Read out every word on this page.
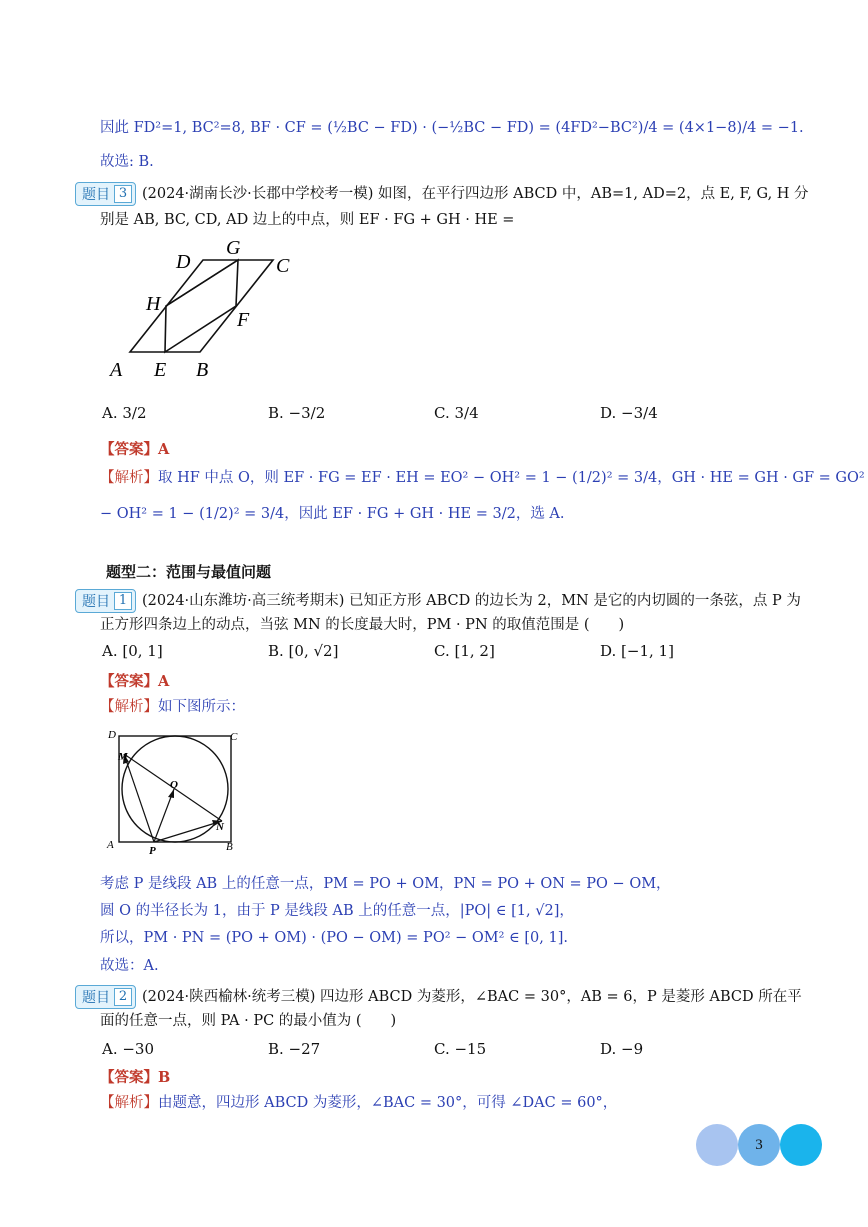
因此 FD²=1, BC²=8, BF · CF = (½BC − FD) · (−½BC − FD) = (4FD²−BC²)/4 = (4×1−8)/4 = −1.
故选: B.
题目 3	(2024·湖南长沙·长郡中学校考一模) 如图，在平行四边形 ABCD 中，AB=1, AD=2，点 E, F, G, H 分
别是 AB, BC, CD, AD 边上的中点，则 EF · FG + GH · HE =
A E B
F
C
G
D
H
A. 3/2	B. −3/2	C. 3/4	D. −3/4
【答案】A
【解析】取 HF 中点 O，则 EF · FG = EF · EH = EO² − OH² = 1 − (1/2)² = 3/4，GH · HE = GH · GF = GO²
− OH² = 1 − (1/2)² = 3/4，因此 EF · FG + GH · HE = 3/2，选 A.
题型二：范围与最值问题
题目 1	(2024·山东潍坊·高三统考期末) 已知正方形 ABCD 的边长为 2，MN 是它的内切圆的一条弦，点 P 为
正方形四条边上的动点，当弦 MN 的长度最大时，PM · PN 的取值范围是 (　　)
A. [0, 1]	B. [0, √2]	C. [1, 2]	D. [−1, 1]
【答案】A
【解析】如下图所示：
D	C
A	B
M
N
O
P
考虑 P 是线段 AB 上的任意一点，PM = PO + OM，PN = PO + ON = PO − OM，
圆 O 的半径长为 1，由于 P 是线段 AB 上的任意一点，|PO| ∈ [1, √2]，
所以，PM · PN = (PO + OM) · (PO − OM) = PO² − OM² ∈ [0, 1].
故选：A.
题目 2	(2024·陕西榆林·统考三模) 四边形 ABCD 为菱形，∠BAC = 30°，AB = 6，P 是菱形 ABCD 所在平
面的任意一点，则 PA · PC 的最小值为 (　　)
A. −30	B. −27	C. −15	D. −9
【答案】B
【解析】由题意，四边形 ABCD 为菱形，∠BAC = 30°，可得 ∠DAC = 60°，
3
